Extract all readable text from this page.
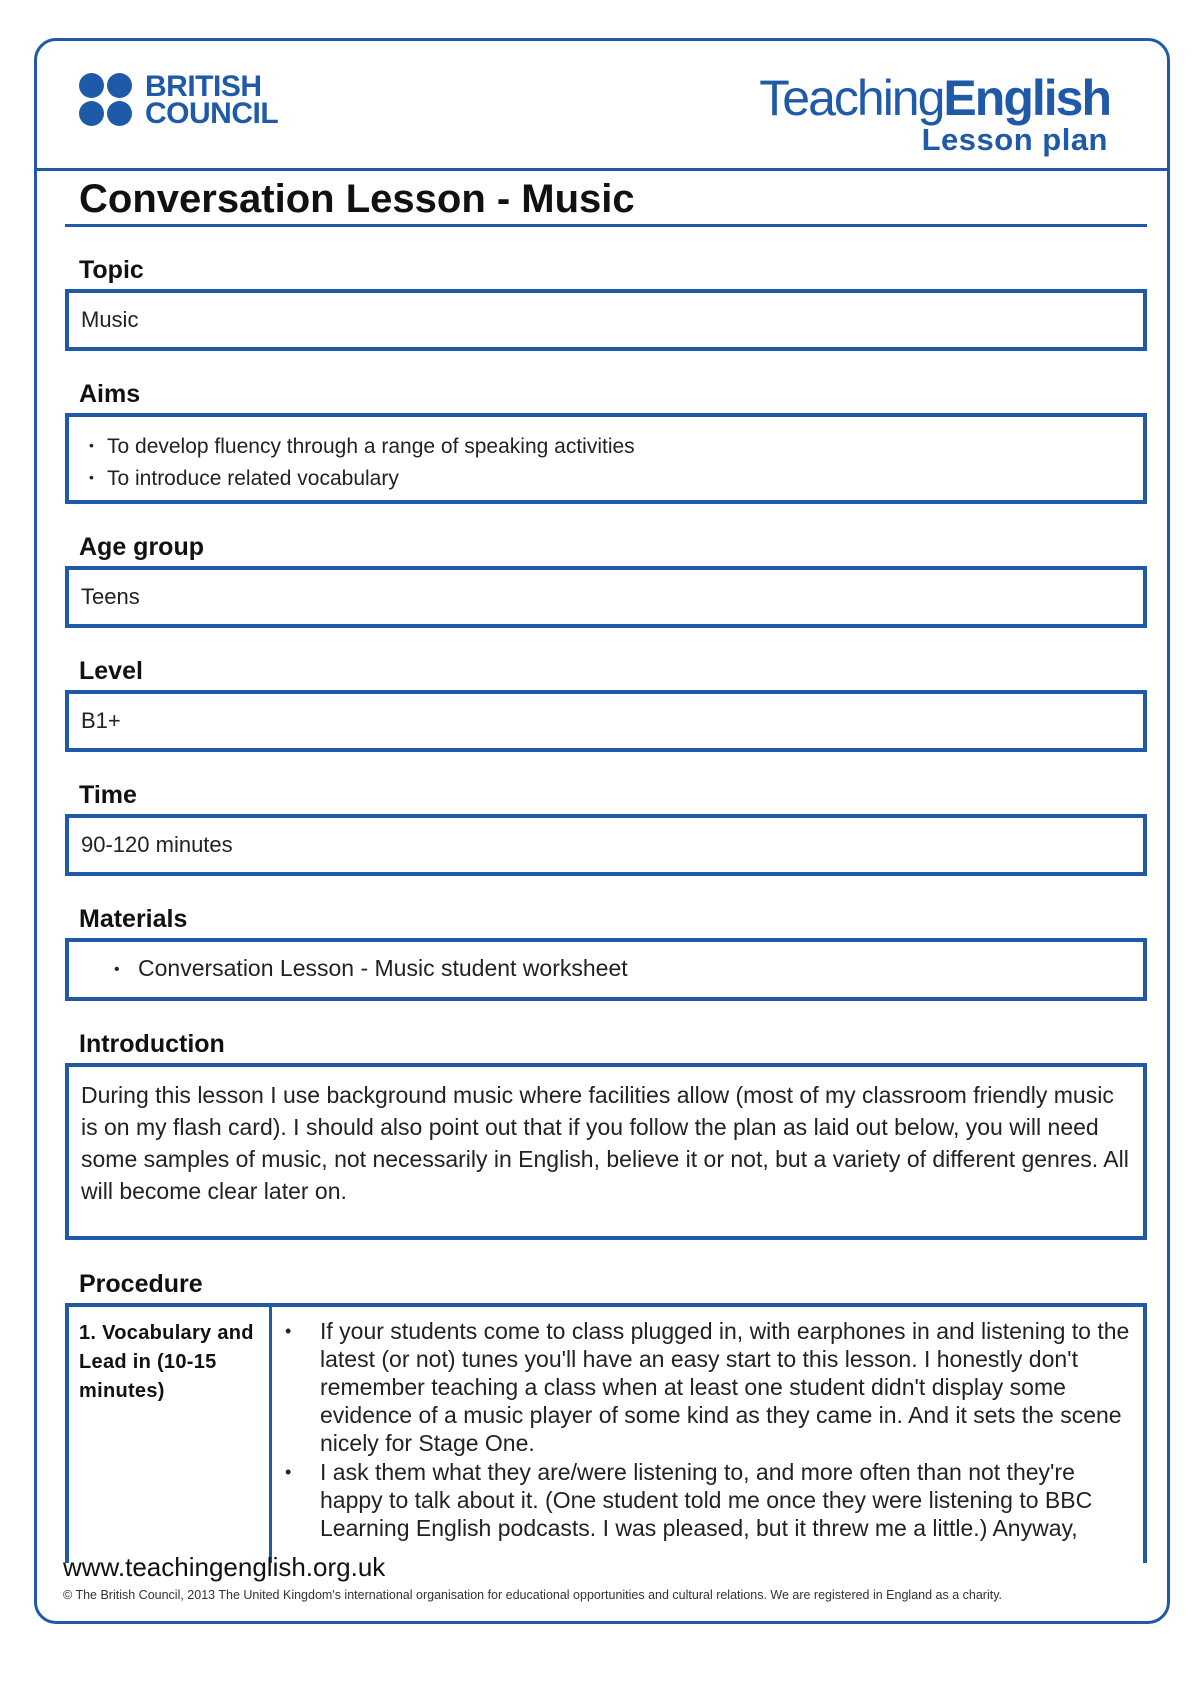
BRITISH
COUNCIL	TeachingEnglish
Lesson plan
Conversation Lesson - Music
Topic
Music
Aims
• To develop fluency through a range of speaking activities
• To introduce related vocabulary
Age group
Teens
Level
B1+
Time
90-120 minutes
Materials
• Conversation Lesson - Music student worksheet
Introduction
During this lesson I use background music where facilities allow (most of my classroom friendly music is on my flash card). I should also point out that if you follow the plan as laid out below, you will need some samples of music, not necessarily in English, believe it or not, but a variety of different genres. All will become clear later on.
Procedure
1. Vocabulary and Lead in (10-15 minutes)
• If your students come to class plugged in, with earphones in and listening to the latest (or not) tunes you'll have an easy start to this lesson. I honestly don't remember teaching a class when at least one student didn't display some evidence of a music player of some kind as they came in. And it sets the scene nicely for Stage One.
• I ask them what they are/were listening to, and more often than not they're happy to talk about it. (One student told me once they were listening to BBC Learning English podcasts. I was pleased, but it threw me a little.) Anyway,
www.teachingenglish.org.uk
© The British Council, 2013 The United Kingdom's international organisation for educational opportunities and cultural relations. We are registered in England as a charity.
